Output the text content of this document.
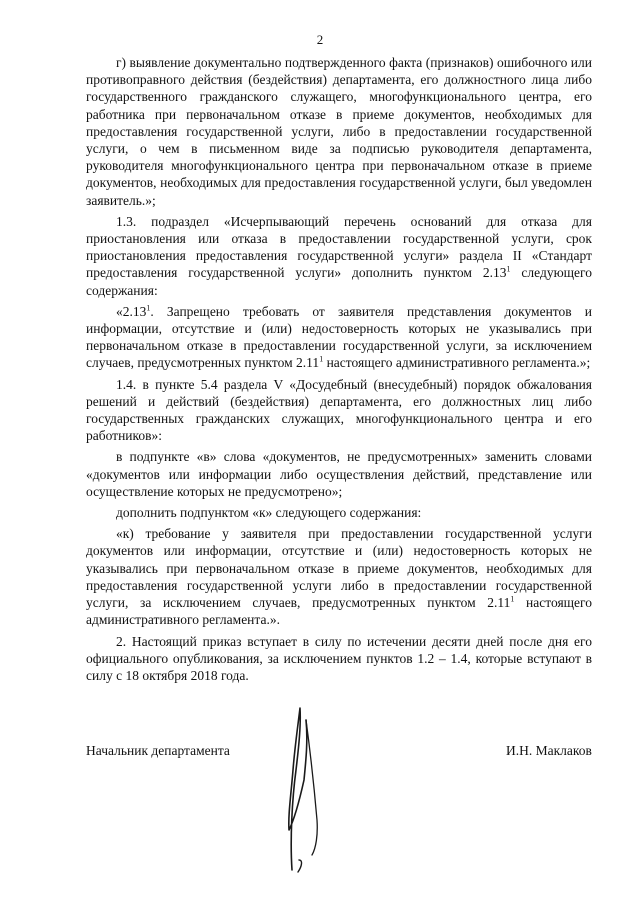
2

г) выявление документально подтвержденного факта (признаков) ошибочного или противоправного действия (бездействия) департамента, его должностного лица либо государственного гражданского служащего, многофункционального центра, его работника при первоначальном отказе в приеме документов, необходимых для предоставления государственной услуги, либо в предоставлении государственной услуги, о чем в письменном виде за подписью руководителя департамента, руководителя многофункционального центра при первоначальном отказе в приеме документов, необходимых для предоставления государственной услуги, был уведомлен заявитель.»;

1.3. подраздел «Исчерпывающий перечень оснований для отказа для приостановления или отказа в предоставлении государственной услуги, срок приостановления предоставления государственной услуги» раздела II «Стандарт предоставления государственной услуги» дополнить пунктом 2.13$^1$ следующего содержания:

«2.13$^1$. Запрещено требовать от заявителя представления документов и информации, отсутствие и (или) недостоверность которых не указывались при первоначальном отказе в предоставлении государственной услуги, за исключением случаев, предусмотренных пунктом 2.11$^1$ настоящего административного регламента.»;

1.4. в пункте 5.4 раздела V «Досудебный (внесудебный) порядок обжалования решений и действий (бездействия) департамента, его должностных лиц либо государственных гражданских служащих, многофункционального центра и его работников»:

в подпункте «в» слова «документов, не предусмотренных» заменить словами «документов или информации либо осуществления действий, представление или осуществление которых не предусмотрено»;

дополнить подпунктом «к» следующего содержания:

«к) требование у заявителя при предоставлении государственной услуги документов или информации, отсутствие и (или) недостоверность которых не указывались при первоначальном отказе в приеме документов, необходимых для предоставления государственной услуги либо в предоставлении государственной услуги, за исключением случаев, предусмотренных пунктом 2.11$^1$ настоящего административного регламента.».

2. Настоящий приказ вступает в силу по истечении десяти дней после дня его официального опубликования, за исключением пунктов 1.2 – 1.4, которые вступают в силу с 18 октября 2018 года.

Начальник департамента	И.Н. Маклаков
